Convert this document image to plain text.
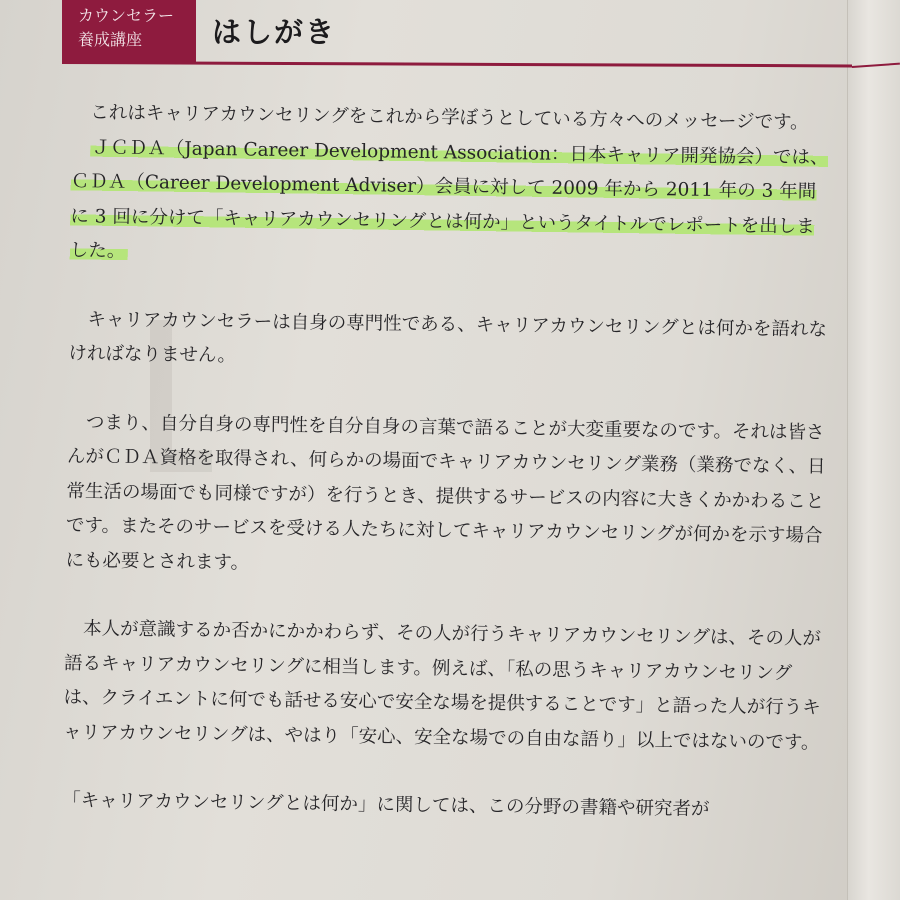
カウンセラー
養成講座	はしがき

　これはキャリアカウンセリングをこれから学ぼうとしている方々へのメッセージです。

　ＪＣＤＡ（Japan Career Development Association：日本キャリア開発協会）では、ＣＤＡ（Career Development Adviser）会員に対して 2009 年から 2011 年の 3 年間に 3 回に分けて「キャリアカウンセリングとは何か」というタイトルでレポートを出しました。

　キャリアカウンセラーは自身の専門性である、キャリアカウンセリングとは何かを語れなければなりません。

　つまり、自分自身の専門性を自分自身の言葉で語ることが大変重要なのです。それは皆さんがＣＤＡ資格を取得され、何らかの場面でキャリアカウンセリング業務（業務でなく、日常生活の場面でも同様ですが）を行うとき、提供するサービスの内容に大きくかかわることです。またそのサービスを受ける人たちに対してキャリアカウンセリングが何かを示す場合にも必要とされます。

　本人が意識するか否かにかかわらず、その人が行うキャリアカウンセリングは、その人が語るキャリアカウンセリングに相当します。例えば、「私の思うキャリアカウンセリングは、クライエントに何でも話せる安心で安全な場を提供することです」と語った人が行うキャリアカウンセリングは、やはり「安心、安全な場での自由な語り」以上ではないのです。

「キャリアカウンセリングとは何か」に関しては、この分野の書籍や研究者が
